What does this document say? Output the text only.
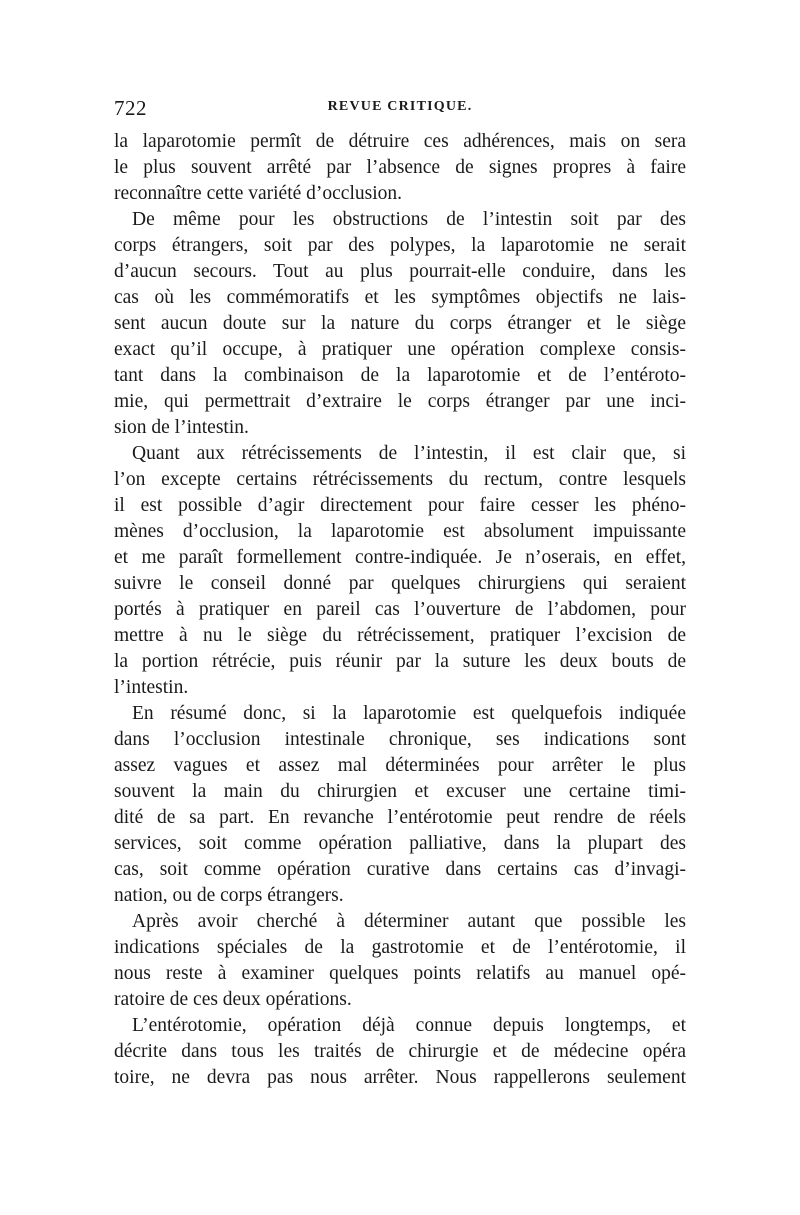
722	REVUE CRITIQUE.
la laparotomie permît de détruire ces adhérences, mais on sera
le plus souvent arrêté par l’absence de signes propres à faire
reconnaître cette variété d’occlusion.
De même pour les obstructions de l’intestin soit par des
corps étrangers, soit par des polypes, la laparotomie ne serait
d’aucun secours. Tout au plus pourrait-elle conduire, dans les
cas où les commémoratifs et les symptômes objectifs ne lais-
sent aucun doute sur la nature du corps étranger et le siège
exact qu’il occupe, à pratiquer une opération complexe consis-
tant dans la combinaison de la laparotomie et de l’entéroto-
mie, qui permettrait d’extraire le corps étranger par une inci-
sion de l’intestin.
Quant aux rétrécissements de l’intestin, il est clair que, si
l’on excepte certains rétrécissements du rectum, contre lesquels
il est possible d’agir directement pour faire cesser les phéno-
mènes d’occlusion, la laparotomie est absolument impuissante
et me paraît formellement contre-indiquée. Je n’oserais, en effet,
suivre le conseil donné par quelques chirurgiens qui seraient
portés à pratiquer en pareil cas l’ouverture de l’abdomen, pour
mettre à nu le siège du rétrécissement, pratiquer l’excision de
la portion rétrécie, puis réunir par la suture les deux bouts de
l’intestin.
En résumé donc, si la laparotomie est quelquefois indiquée
dans l’occlusion intestinale chronique, ses indications sont
assez vagues et assez mal déterminées pour arrêter le plus
souvent la main du chirurgien et excuser une certaine timi-
dité de sa part. En revanche l’entérotomie peut rendre de réels
services, soit comme opération palliative, dans la plupart des
cas, soit comme opération curative dans certains cas d’invagi-
nation, ou de corps étrangers.
Après avoir cherché à déterminer autant que possible les
indications spéciales de la gastrotomie et de l’entérotomie, il
nous reste à examiner quelques points relatifs au manuel opé-
ratoire de ces deux opérations.
L’entérotomie, opération déjà connue depuis longtemps, et
décrite dans tous les traités de chirurgie et de médecine opéra
toire, ne devra pas nous arrêter. Nous rappellerons seulement
